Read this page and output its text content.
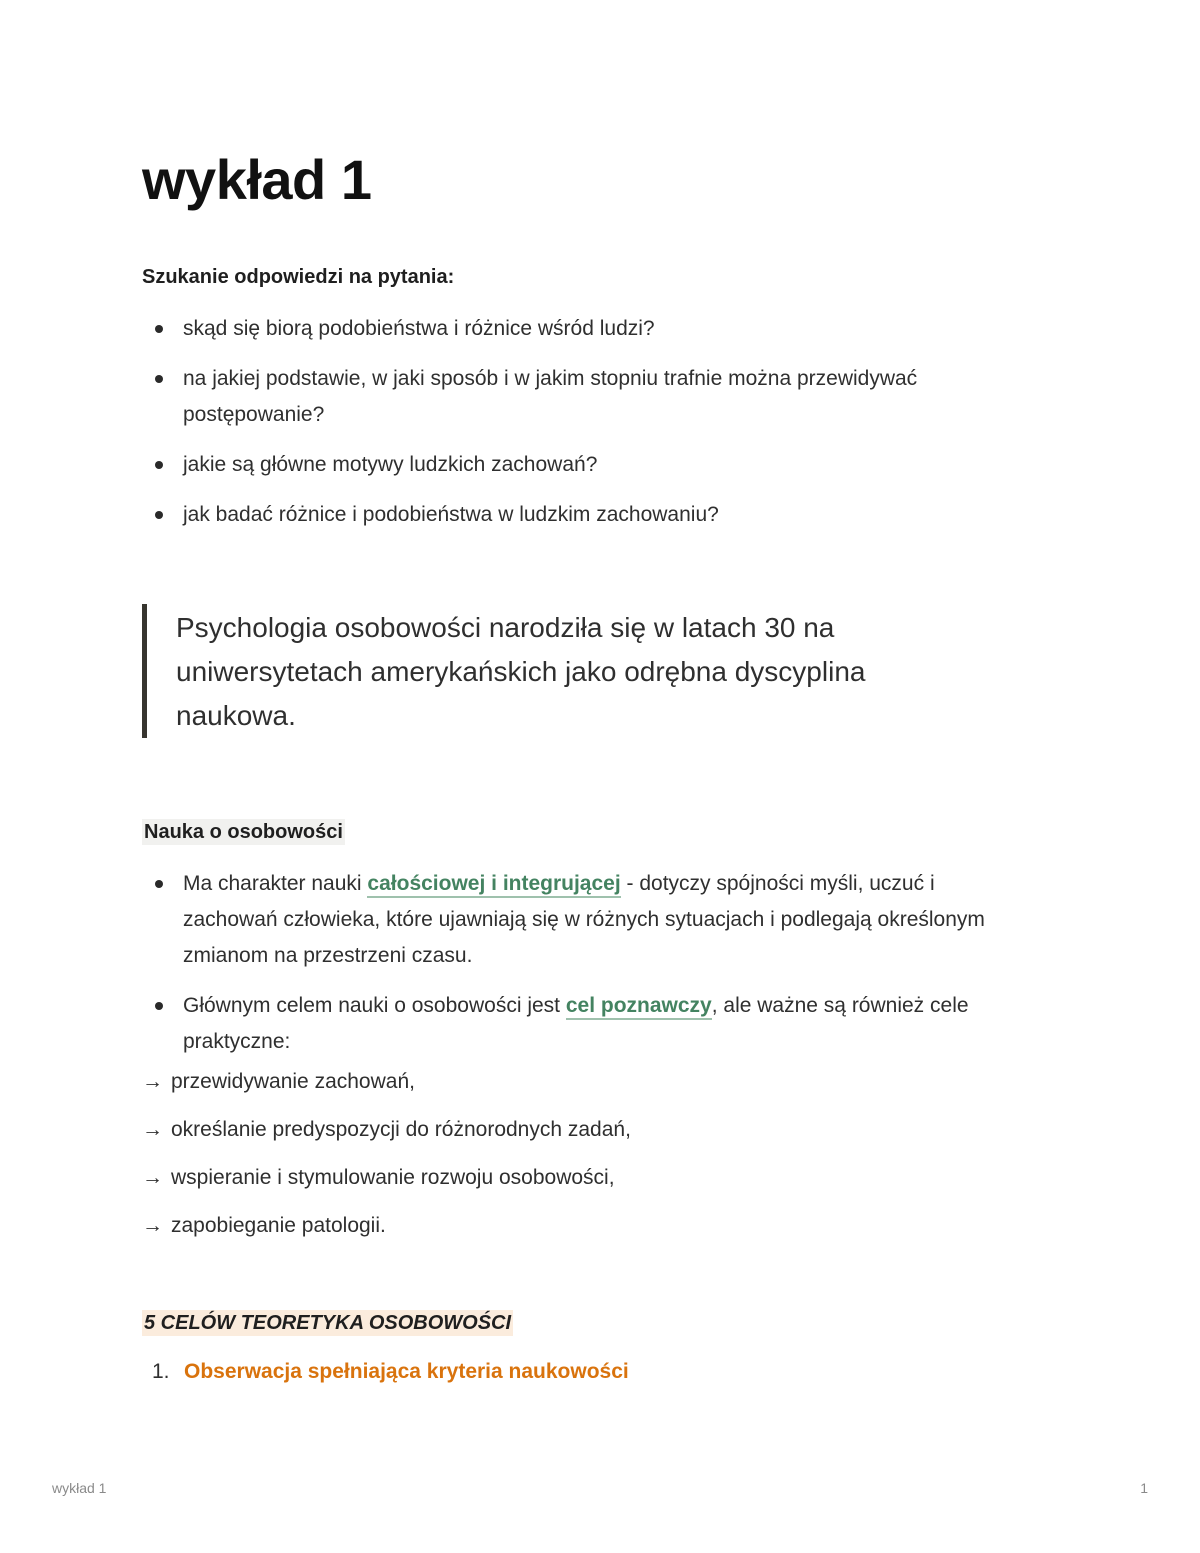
wykład 1
Szukanie odpowiedzi na pytania:
skąd się biorą podobieństwa i różnice wśród ludzi?
na jakiej podstawie, w jaki sposób i w jakim stopniu trafnie można przewidywać postępowanie?
jakie są główne motywy ludzkich zachowań?
jak badać różnice i podobieństwa w ludzkim zachowaniu?

Psychologia osobowości narodziła się w latach 30 na uniwersytetach amerykańskich jako odrębna dyscyplina naukowa.

Nauka o osobowości
Ma charakter nauki całościowej i integrującej - dotyczy spójności myśli, uczuć i zachowań człowieka, które ujawniają się w różnych sytuacjach i podlegają określonym zmianom na przestrzeni czasu.
Głównym celem nauki o osobowości jest cel poznawczy, ale ważne są również cele praktyczne:
→ przewidywanie zachowań,
→ określanie predyspozycji do różnorodnych zadań,
→ wspieranie i stymulowanie rozwoju osobowości,
→ zapobieganie patologii.
5 CELÓW TEORETYKA OSOBOWOŚCI
1. Obserwacja spełniająca kryteria naukowości
wykład 1	1
